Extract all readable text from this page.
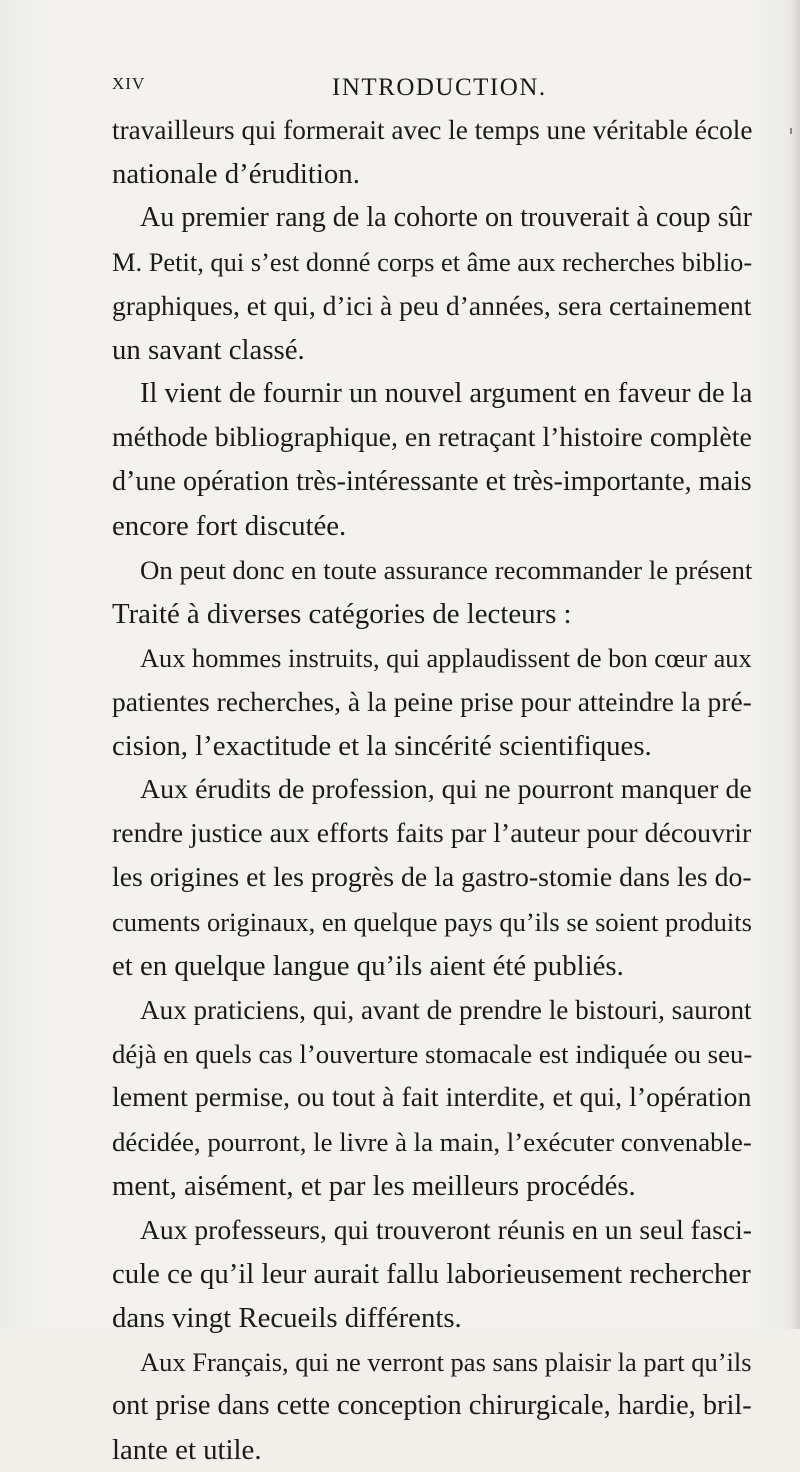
XIV	INTRODUCTION.
travailleurs qui formerait avec le temps une véritable école
nationale d’érudition.
Au premier rang de la cohorte on trouverait à coup sûr
M. Petit, qui s’est donné corps et âme aux recherches biblio-
graphiques, et qui, d’ici à peu d’années, sera certainement
un savant classé.
Il vient de fournir un nouvel argument en faveur de la
méthode bibliographique, en retraçant l’histoire complète
d’une opération très-intéressante et très-importante, mais
encore fort discutée.
On peut donc en toute assurance recommander le présent
Traité à diverses catégories de lecteurs :
Aux hommes instruits, qui applaudissent de bon cœur aux
patientes recherches, à la peine prise pour atteindre la pré-
cision, l’exactitude et la sincérité scientifiques.
Aux érudits de profession, qui ne pourront manquer de
rendre justice aux efforts faits par l’auteur pour découvrir
les origines et les progrès de la gastro-stomie dans les do-
cuments originaux, en quelque pays qu’ils se soient produits
et en quelque langue qu’ils aient été publiés.
Aux praticiens, qui, avant de prendre le bistouri, sauront
déjà en quels cas l’ouverture stomacale est indiquée ou seu-
lement permise, ou tout à fait interdite, et qui, l’opération
décidée, pourront, le livre à la main, l’exécuter convenable-
ment, aisément, et par les meilleurs procédés.
Aux professeurs, qui trouveront réunis en un seul fasci-
cule ce qu’il leur aurait fallu laborieusement rechercher
dans vingt Recueils différents.
Aux Français, qui ne verront pas sans plaisir la part qu’ils
ont prise dans cette conception chirurgicale, hardie, bril-
lante et utile.
